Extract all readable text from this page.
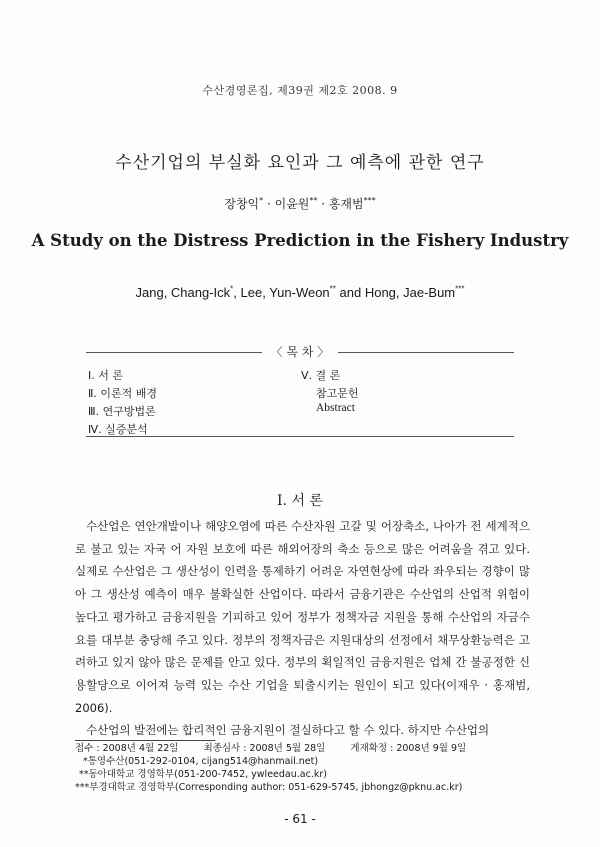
수산경영론집, 제39권 제2호 2008. 9
수산기업의 부실화 요인과 그 예측에 관한 연구
장창익* · 이윤원** · 홍재범***
A Study on the Distress Prediction in the Fishery Industry
Jang, Chang-Ick*, Lee, Yun-Weon** and Hong, Jae-Bum***
〈 목 차 〉
Ⅰ. 서 론
Ⅱ. 이론적 배경
Ⅲ. 연구방법론
Ⅳ. 실증분석
Ⅴ. 결 론
참고문헌
Abstract
Ⅰ. 서 론

수산업은 연안개발이나 해양오염에 따른 수산자원 고갈 및 어장축소, 나아가 전 세계적으로 불고 있는 자국 어 자원 보호에 따른 해외어장의 축소 등으로 많은 어려움을 겪고 있다. 실제로 수산업은 그 생산성이 인력을 통제하기 어려운 자연현상에 따라 좌우되는 경향이 많아 그 생산성 예측이 매우 불확실한 산업이다. 따라서 금융기관은 수산업의 산업적 위험이 높다고 평가하고 금융지원을 기피하고 있어 정부가 정책자금 지원을 통해 수산업의 자금수요를 대부분 충당해 주고 있다. 정부의 정책자금은 지원대상의 선정에서 채무상환능력은 고려하고 있지 않아 많은 문제를 안고 있다. 정부의 획일적인 금융지원은 업체 간 불공정한 신용할당으로 이어져 능력 있는 수산 기업을 퇴출시키는 원인이 되고 있다(이재우 · 홍재범, 2006).

수산업의 발전에는 합리적인 금융지원이 절실하다고 할 수 있다. 하지만 수산업의

접수 : 2008년 4월 22일	최종심사 : 2008년 5월 28일	게재확정 : 2008년 9월 9일
*통영수산(051-292-0104, cijang514@hanmail.net)
**동아대학교 경영학부(051-200-7452, ywleedau.ac.kr)
***부경대학교 경영학부(Corresponding author: 051-629-5745, jbhongz@pknu.ac.kr)
- 61 -
